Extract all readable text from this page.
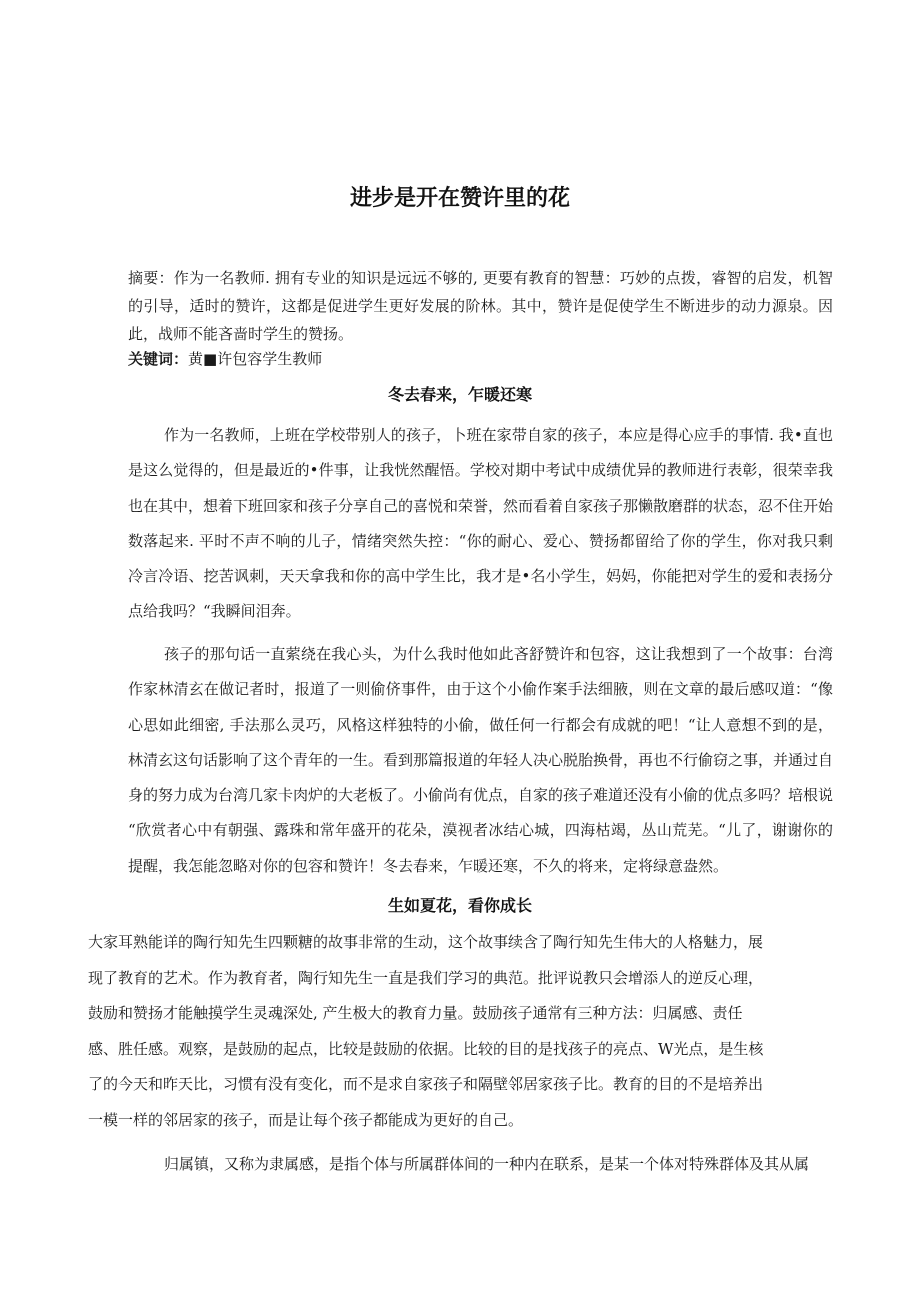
进步是开在赞许里的花
摘要：作为一名教师. 拥有专业的知识是远远不够的, 更要有教育的智慧：巧妙的点拨，睿智的启发，机智的引导，适时的赞许，这都是促进学生更好发展的阶林。其中，赞许是促使学生不断进步的动力源泉。因此，战师不能吝啬时学生的赞扬。
关键词：黄■许包容学生教师
冬去春来，乍暖还寒
作为一名教师，上班在学校带别人的孩子，卜班在家带自家的孩子，本应是得心应手的事情. 我•直也是这么觉得的，但是最近的•件事，让我恍然醒悟。学校对期中考试中成绩优异的教师进行表彰，很荣幸我也在其中，想着下班回家和孩子分享自己的喜悦和荣誉，然而看着自家孩子那懒散磨群的状态，忍不住开始数落起来. 平时不声不响的儿子，情绪突然失控：“你的耐心、爱心、赞扬都留给了你的学生，你对我只剩冷言冷语、挖苦讽刺，天天拿我和你的高中学生比，我才是•名小学生，妈妈，你能把对学生的爱和表扬分点给我吗？“我瞬间泪奔。
孩子的那句话一直萦绕在我心头，为什么我时他如此吝舒赞许和包容，这让我想到了一个故事：台湾作家林清玄在做记者时，报道了一则偷侪事件，由于这个小偷作案手法细腋，则在文章的最后感叹道：“像心思如此细密, 手法那么灵巧，风格这样独特的小偷，做任何一行都会有成就的吧！“让人意想不到的是，林清玄这句话影响了这个青年的一生。看到那篇报道的年轻人决心脱胎换骨，再也不行偷窃之事，并通过自身的努力成为台湾几家卡肉炉的大老板了。小偷尚有优点，自家的孩子难道还没有小偷的优点多吗？培根说 “欣赏者心中有朝强、露珠和常年盛开的花朵，漠视者冰结心城，四海枯竭，丛山荒芜。“儿了，谢谢你的提醒，我怎能忽略对你的包容和赞许！冬去春来，乍暖还寒，不久的将来，定将绿意盎然。
生如夏花，看你成长
大家耳熟能详的陶行知先生四颗糖的故事非常的生动，这个故事续含了陶行知先生伟大的人格魅力，展
现了教育的艺术。作为教育者，陶行知先生一直是我们学习的典范。批评说教只会增添人的逆反心理，
鼓励和赞扬才能触摸学生灵魂深处, 产生极大的教育力量。鼓励孩子通常有三种方法：归属感、责任
感、胜任感。观察，是鼓励的起点，比较是鼓励的依据。比较的目的是找孩子的亮点、W光点，是生核
了的今天和昨天比，习惯有没有变化，而不是求自家孩子和隔壁邻居家孩子比。教育的目的不是培养出
一模一样的邻居家的孩子，而是让每个孩子都能成为更好的自己。
归属镇，又称为隶属感，是指个体与所属群体间的一种内在联系，是某一个体对特殊群体及其从属
